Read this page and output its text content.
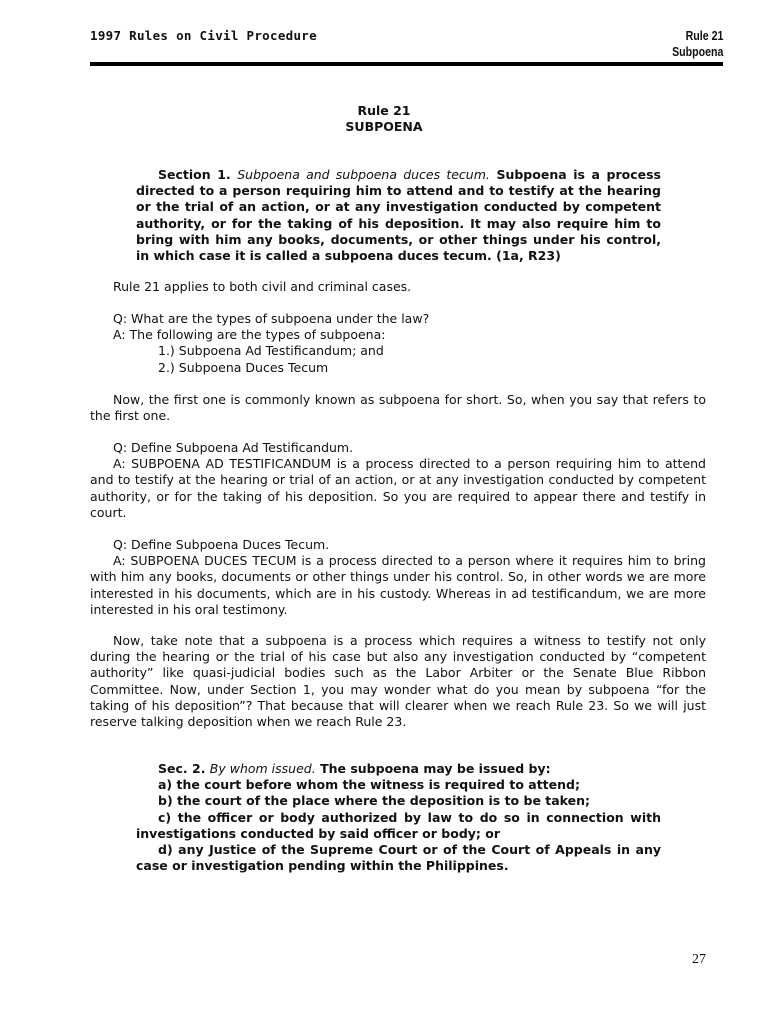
1997 Rules on Civil Procedure	Rule 21
Subpoena
Rule 21
SUBPOENA

Section 1. Subpoena and subpoena duces tecum. Subpoena is a process directed to a person requiring him to attend and to testify at the hearing or the trial of an action, or at any investigation conducted by competent authority, or for the taking of his deposition. It may also require him to bring with him any books, documents, or other things under his control, in which case it is called a subpoena duces tecum. (1a, R23)

Rule 21 applies to both civil and criminal cases.

Q: What are the types of subpoena under the law?

A: The following are the types of subpoena:

1.) Subpoena Ad Testificandum; and
2.) Subpoena Duces Tecum

Now, the first one is commonly known as subpoena for short. So, when you say that refers to the first one.

Q: Define Subpoena Ad Testificandum.

A: SUBPOENA AD TESTIFICANDUM is a process directed to a person requiring him to attend and to testify at the hearing or trial of an action, or at any investigation conducted by competent authority, or for the taking of his deposition. So you are required to appear there and testify in court.

Q: Define Subpoena Duces Tecum.

A: SUBPOENA DUCES TECUM is a process directed to a person where it requires him to bring with him any books, documents or other things under his control. So, in other words we are more interested in his documents, which are in his custody. Whereas in ad testificandum, we are more interested in his oral testimony.

Now, take note that a subpoena is a process which requires a witness to testify not only during the hearing or the trial of his case but also any investigation conducted by “competent authority” like quasi-judicial bodies such as the Labor Arbiter or the Senate Blue Ribbon Committee. Now, under Section 1, you may wonder what do you mean by subpoena “for the taking of his deposition”? That because that will clearer when we reach Rule 23. So we will just reserve talking deposition when we reach Rule 23.

Sec. 2. By whom issued. The subpoena may be issued by:

a) the court before whom the witness is required to attend;

b) the court of the place where the deposition is to be taken;

c) the officer or body authorized by law to do so in connection with investigations conducted by said officer or body; or

d) any Justice of the Supreme Court or of the Court of Appeals in any case or investigation pending within the Philippines.

27
